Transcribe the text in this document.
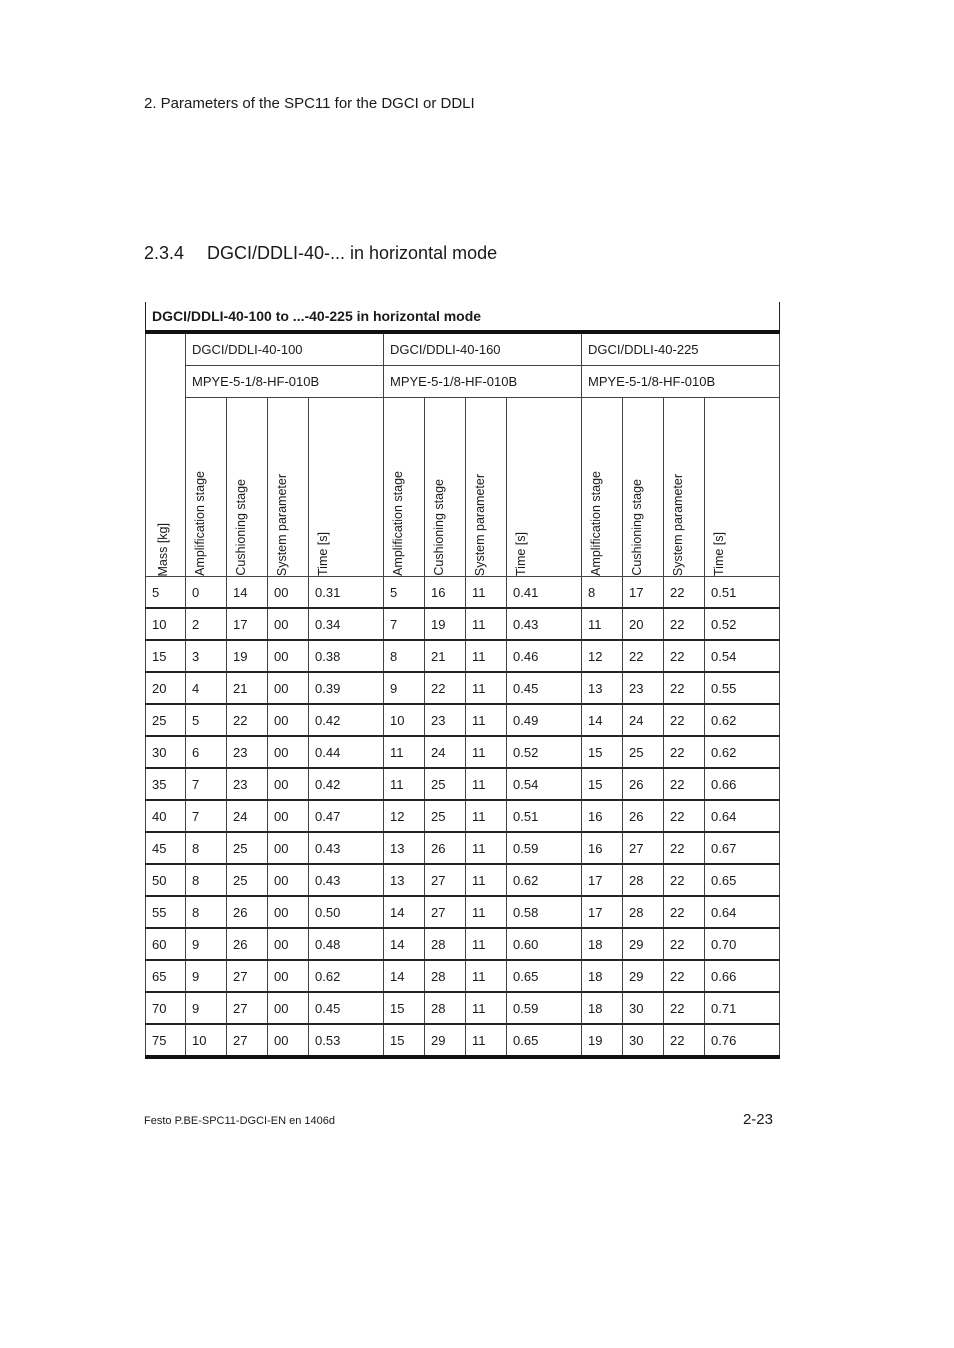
2. Parameters of the SPC11 for the DGCI or DDLI
2.3.4 DGCI/DDLI-40-... in horizontal mode
DGCI/DDLI-40-100 to ...-40-225 in horizontal mode												

Mass [kg]	DGCI/DDLI-40-100				DGCI/DDLI-40-160				DGCI/DDLI-40-225			
	MPYE-5-1/8-HF-010B				MPYE-5-1/8-HF-010B				MPYE-5-1/8-HF-010B			

	Amplification stage	Cushioning stage	System parameter	Time [s]	Amplification stage	Cushioning stage	System parameter	Time [s]	Amplification stage	Cushioning stage	System parameter	Time [s]

5	0	14	00	0.31	5	16	11	0.41	8	17	22	0.51
10	2	17	00	0.34	7	19	11	0.43	11	20	22	0.52
15	3	19	00	0.38	8	21	11	0.46	12	22	22	0.54
20	4	21	00	0.39	9	22	11	0.45	13	23	22	0.55
25	5	22	00	0.42	10	23	11	0.49	14	24	22	0.62
30	6	23	00	0.44	11	24	11	0.52	15	25	22	0.62
35	7	23	00	0.42	11	25	11	0.54	15	26	22	0.66
40	7	24	00	0.47	12	25	11	0.51	16	26	22	0.64
45	8	25	00	0.43	13	26	11	0.59	16	27	22	0.67
50	8	25	00	0.43	13	27	11	0.62	17	28	22	0.65
55	8	26	00	0.50	14	27	11	0.58	17	28	22	0.64
60	9	26	00	0.48	14	28	11	0.60	18	29	22	0.70
65	9	27	00	0.62	14	28	11	0.65	18	29	22	0.66
70	9	27	00	0.45	15	28	11	0.59	18	30	22	0.71
75	10	27	00	0.53	15	29	11	0.65	19	30	22	0.76
Festo P.BE-SPC11-DGCI-EN en 1406d	2-23
